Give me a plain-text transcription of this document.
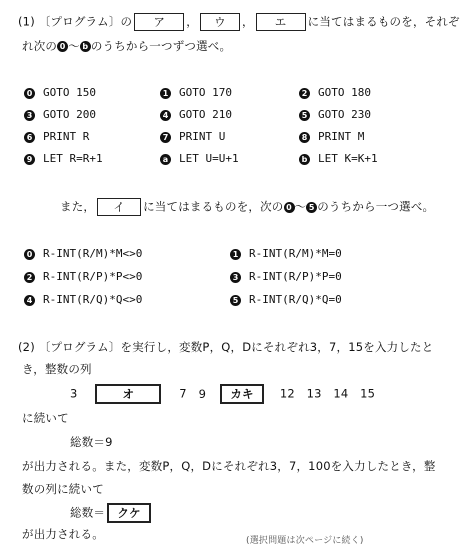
(1) 〔プログラム〕の ア ， ウ ， エ に当てはまるものを，それぞ
れ次の 0 ～ b のうちから一つずつ選べ。
0 GOTO 150	1 GOTO 170	2 GOTO 180
3 GOTO 200	4 GOTO 210	5 GOTO 230
6 PRINT R	7 PRINT U	8 PRINT M
9 LET R=R+1	a LET U=U+1	b LET K=K+1
また， イ に当てはまるものを，次の 0 ～ 5 のうちから一つ選べ。
0 R-INT(R/M)*M<>0	1 R-INT(R/M)*M=0
2 R-INT(R/P)*P<>0	3 R-INT(R/P)*P=0
4 R-INT(R/Q)*Q<>0	5 R-INT(R/Q)*Q=0
(2) 〔プログラム〕を実行し，変数P，Q，Dにそれぞれ3，7，15を入力したと
き，整数の列
3	オ	7 9 カキ 12　13　14　15
に続いて
総数＝9
が出力される。また，変数P，Q，Dにそれぞれ3，7，100を入力したとき，整
数の列に続いて
総数＝ クケ
が出力される。	(選択問題は次ページに続く)
